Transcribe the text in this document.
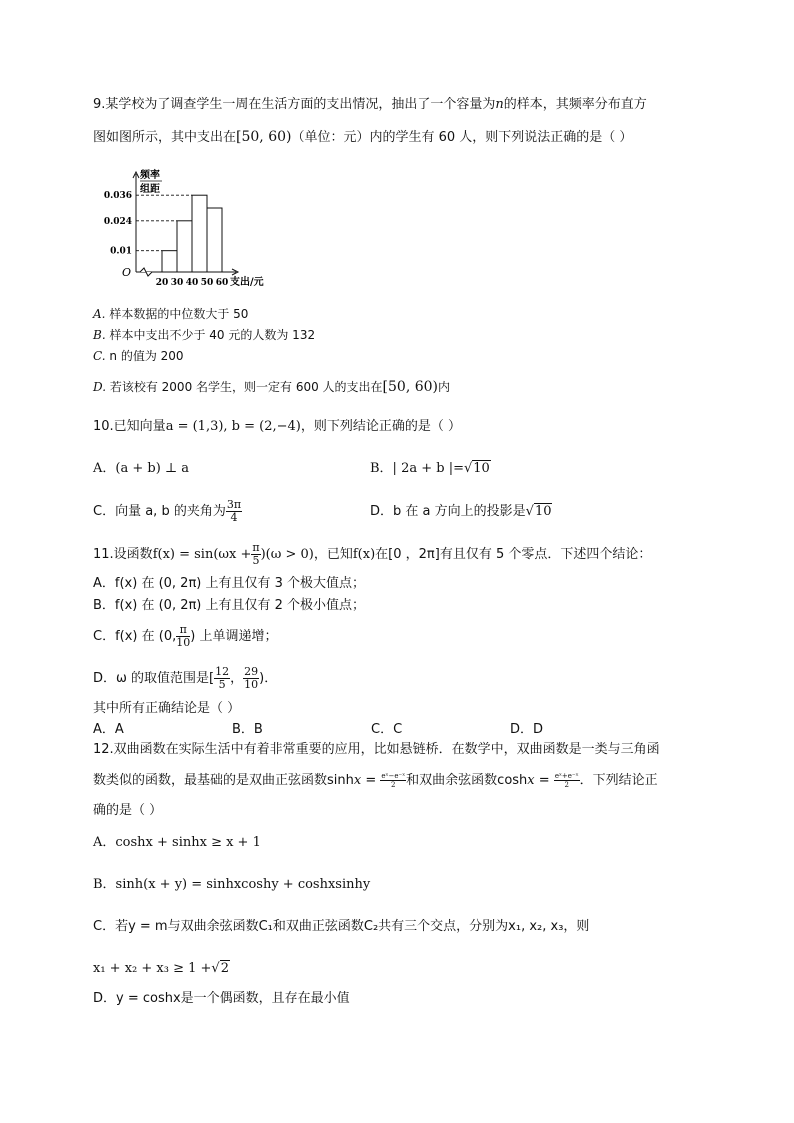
9.某学校为了调查学生一周在生活方面的支出情况，抽出了一个容量为n的样本，其频率分布直方
图如图所示，其中支出在[50, 60)（单位：元）内的学生有 60 人，则下列说法正确的是（ ）
O
频率
组距
0.036
0.024
0.01
20 30 40 50 60 支出/元
A. 样本数据的中位数大于 50
B. 样本中支出不少于 40 元的人数为 132
C. n 的值为 200
D. 若该校有 2000 名学生，则一定有 600 人的支出在[50, 60)内
10.已知向量a = (1,3), b = (2,−4)，则下列结论正确的是（ ）
A．(a + b) ⊥ a	B．| 2a + b |=√10
C．向量 a, b 的夹角为 $\frac{3\pi}{4}$	D．b 在 a 方向上的投影是√10
11.设函数$f(x) = \sin(\omega x + \frac{\pi}{5} )(\omega > 0)$，已知f(x)在[0 ，2π]有且仅有 5 个零点．下述四个结论：
A．f(x) 在 (0, 2π) 上有且仅有 3 个极大值点；
B．f(x) 在 (0, 2π) 上有且仅有 2 个极小值点；
C．f(x) 在 (0, $\frac{\pi}{10}$ ) 上单调递增；
D．ω 的取值范围是[ $\frac{12}{5}$ ， $\frac{29}{10}$ )．
其中所有正确结论是（ ）
A．A	B．B	C．C	D．D
12.双曲函数在实际生活中有着非常重要的应用，比如悬链桥．在数学中，双曲函数是一类与三角函
数类似的函数，最基础的是双曲正弦函数$\sinh x = \frac{\text{eˣ−e⁻ˣ}}{2}$ 和双曲余弦函数$\cosh x = \frac{\text{eˣ+e⁻ˣ}}{2}$ ．下列结论正
确的是（ ）
A．coshx + sinhx ≥ x + 1
B．sinh(x + y) = sinhxcoshy + coshxsinhy
C．若y = m与双曲余弦函数C₁和双曲正弦函数C₂共有三个交点，分别为x₁, x₂, x₃，则
x₁ + x₂ + x₃ ≥ 1 +√2
D．y = coshx是一个偶函数，且存在最小值
